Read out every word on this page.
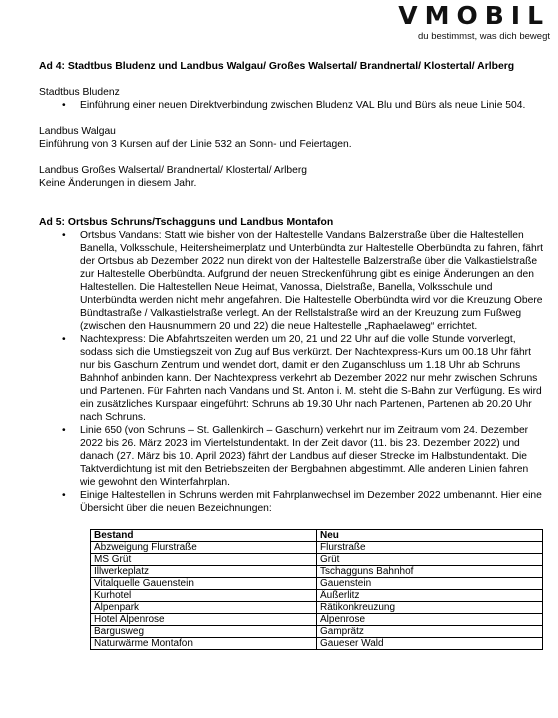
VMOBIL
du bestimmst, was dich bewegt
Ad 4: Stadtbus Bludenz und Landbus Walgau/ Großes Walsertal/ Brandnertal/ Klostertal/ Arlberg

Stadtbus Bludenz

• Einführung einer neuen Direktverbindung zwischen Bludenz VAL Blu und Bürs als neue Linie 504.

Landbus Walgau

Einführung von 3 Kursen auf der Linie 532 an Sonn- und Feiertagen.

Landbus Großes Walsertal/ Brandnertal/ Klostertal/ Arlberg

Keine Änderungen in diesem Jahr.

Ad 5: Ortsbus Schruns/Tschagguns und Landbus Montafon
• Ortsbus Vandans: Statt wie bisher von der Haltestelle Vandans Balzerstraße über die Haltestellen Banella, Volksschule, Heitersheimerplatz und Unterbündta zur Haltestelle Oberbündta zu fahren, fährt der Ortsbus ab Dezember 2022 nun direkt von der Haltestelle Balzerstraße über die Valkastielstraße zur Haltestelle Oberbündta. Aufgrund der neuen Streckenführung gibt es einige Änderungen an den Haltestellen. Die Haltestellen Neue Heimat, Vanossa, Dielstraße, Banella, Volksschule und Unterbündta werden nicht mehr angefahren. Die Haltestelle Oberbündta wird vor die Kreuzung Obere Bündtastraße / Valkastielstraße verlegt. An der Rellstalstraße wird an der Kreuzung zum Fußweg (zwischen den Hausnummern 20 und 22) die neue Haltestelle „Raphaelaweg“ errichtet.
• Nachtexpress: Die Abfahrtszeiten werden um 20, 21 und 22 Uhr auf die volle Stunde vorverlegt, sodass sich die Umstiegszeit von Zug auf Bus verkürzt. Der Nachtexpress-Kurs um 00.18 Uhr fährt nur bis Gaschurn Zentrum und wendet dort, damit er den Zuganschluss um 1.18 Uhr ab Schruns Bahnhof anbinden kann. Der Nachtexpress verkehrt ab Dezember 2022 nur mehr zwischen Schruns und Partenen. Für Fahrten nach Vandans und St. Anton i. M. steht die S-Bahn zur Verfügung. Es wird ein zusätzliches Kurspaar eingeführt: Schruns ab 19.30 Uhr nach Partenen, Partenen ab 20.20 Uhr nach Schruns.
• Linie 650 (von Schruns – St. Gallenkirch – Gaschurn) verkehrt nur im Zeitraum vom 24. Dezember 2022 bis 26. März 2023 im Viertelstundentakt. In der Zeit davor (11. bis 23. Dezember 2022) und danach (27. März bis 10. April 2023) fährt der Landbus auf dieser Strecke im Halbstundentakt. Die Taktverdichtung ist mit den Betriebszeiten der Bergbahnen abgestimmt. Alle anderen Linien fahren wie gewohnt den Winterfahrplan.
• Einige Haltestellen in Schruns werden mit Fahrplanwechsel im Dezember 2022 umbenannt. Hier eine Übersicht über die neuen Bezeichnungen:
Bestand	Neu
Abzweigung Flurstraße	Flurstraße
MS Grüt	Grüt
Illwerkeplatz	Tschagguns Bahnhof
Vitalquelle Gauenstein	Gauenstein
Kurhotel	Äußerlitz
Alpenpark	Rätikonkreuzung
Hotel Alpenrose	Alpenrose
Bargusweg	Gamprätz
Naturwärme Montafon	Gaueser Wald
